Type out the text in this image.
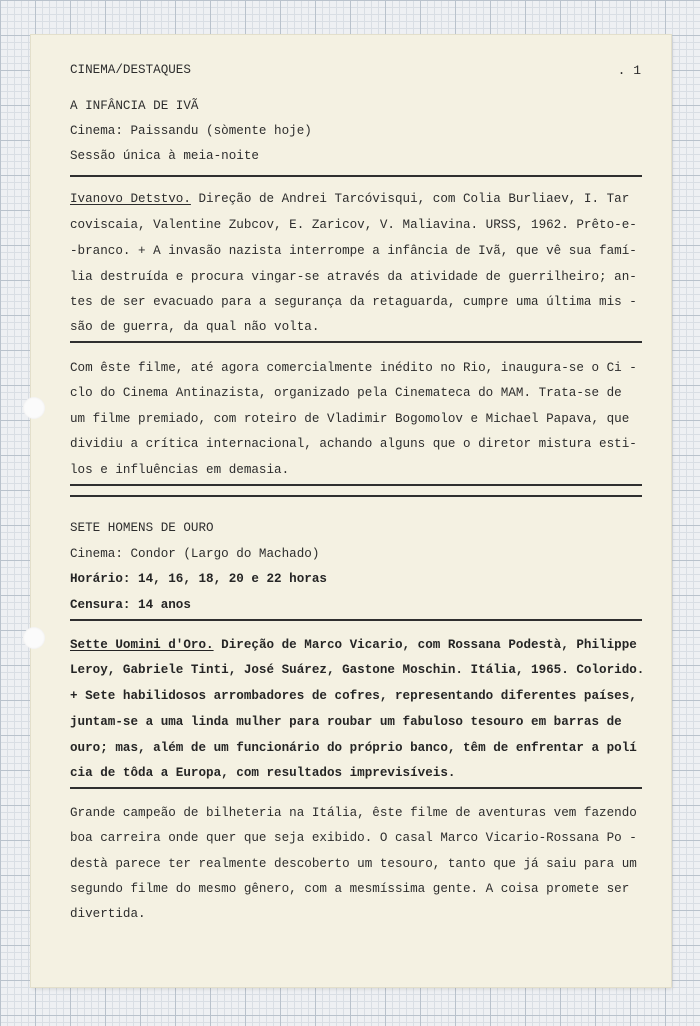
CINEMA/DESTAQUES	. 1
A INFÂNCIA DE IVÃ
Cinema: Paissandu (sòmente hoje)
Sessão única à meia-noite
Ivanovo Detstvo. Direção de Andrei Tarcóvisqui, com Colia Burliaev, I. Tar
coviscaia, Valentine Zubcov, E. Zaricov, V. Maliavina. URSS, 1962. Prêto-e-
-branco. + A invasão nazista interrompe a infância de Ivã, que vê sua famí-
lia destruída e procura vingar-se através da atividade de guerrilheiro; an-
tes de ser evacuado para a segurança da retaguarda, cumpre uma última mis -
são de guerra, da qual não volta.
Com êste filme, até agora comercialmente inédito no Rio, inaugura-se o Ci -
clo do Cinema Antinazista, organizado pela Cinemateca do MAM. Trata-se de
um filme premiado, com roteiro de Vladimir Bogomolov e Michael Papava, que
dividiu a crítica internacional, achando alguns que o diretor mistura esti-
los e influências em demasia.
SETE HOMENS DE OURO
Cinema: Condor (Largo do Machado)
Horário: 14, 16, 18, 20 e 22 horas
Censura: 14 anos
Sette Uomini d'Oro. Direção de Marco Vicario, com Rossana Podestà, Philippe
Leroy, Gabriele Tinti, José Suárez, Gastone Moschin. Itália, 1965. Colorido.
+ Sete habilidosos arrombadores de cofres, representando diferentes países,
juntam-se a uma linda mulher para roubar um fabuloso tesouro em barras de
ouro; mas, além de um funcionário do próprio banco, têm de enfrentar a polí
cia de tôda a Europa, com resultados imprevisíveis.
Grande campeão de bilheteria na Itália, êste filme de aventuras vem fazendo
boa carreira onde quer que seja exibido. O casal Marco Vicario-Rossana Po -
destà parece ter realmente descoberto um tesouro, tanto que já saiu para um
segundo filme do mesmo gênero, com a mesmíssima gente. A coisa promete ser
divertida.
